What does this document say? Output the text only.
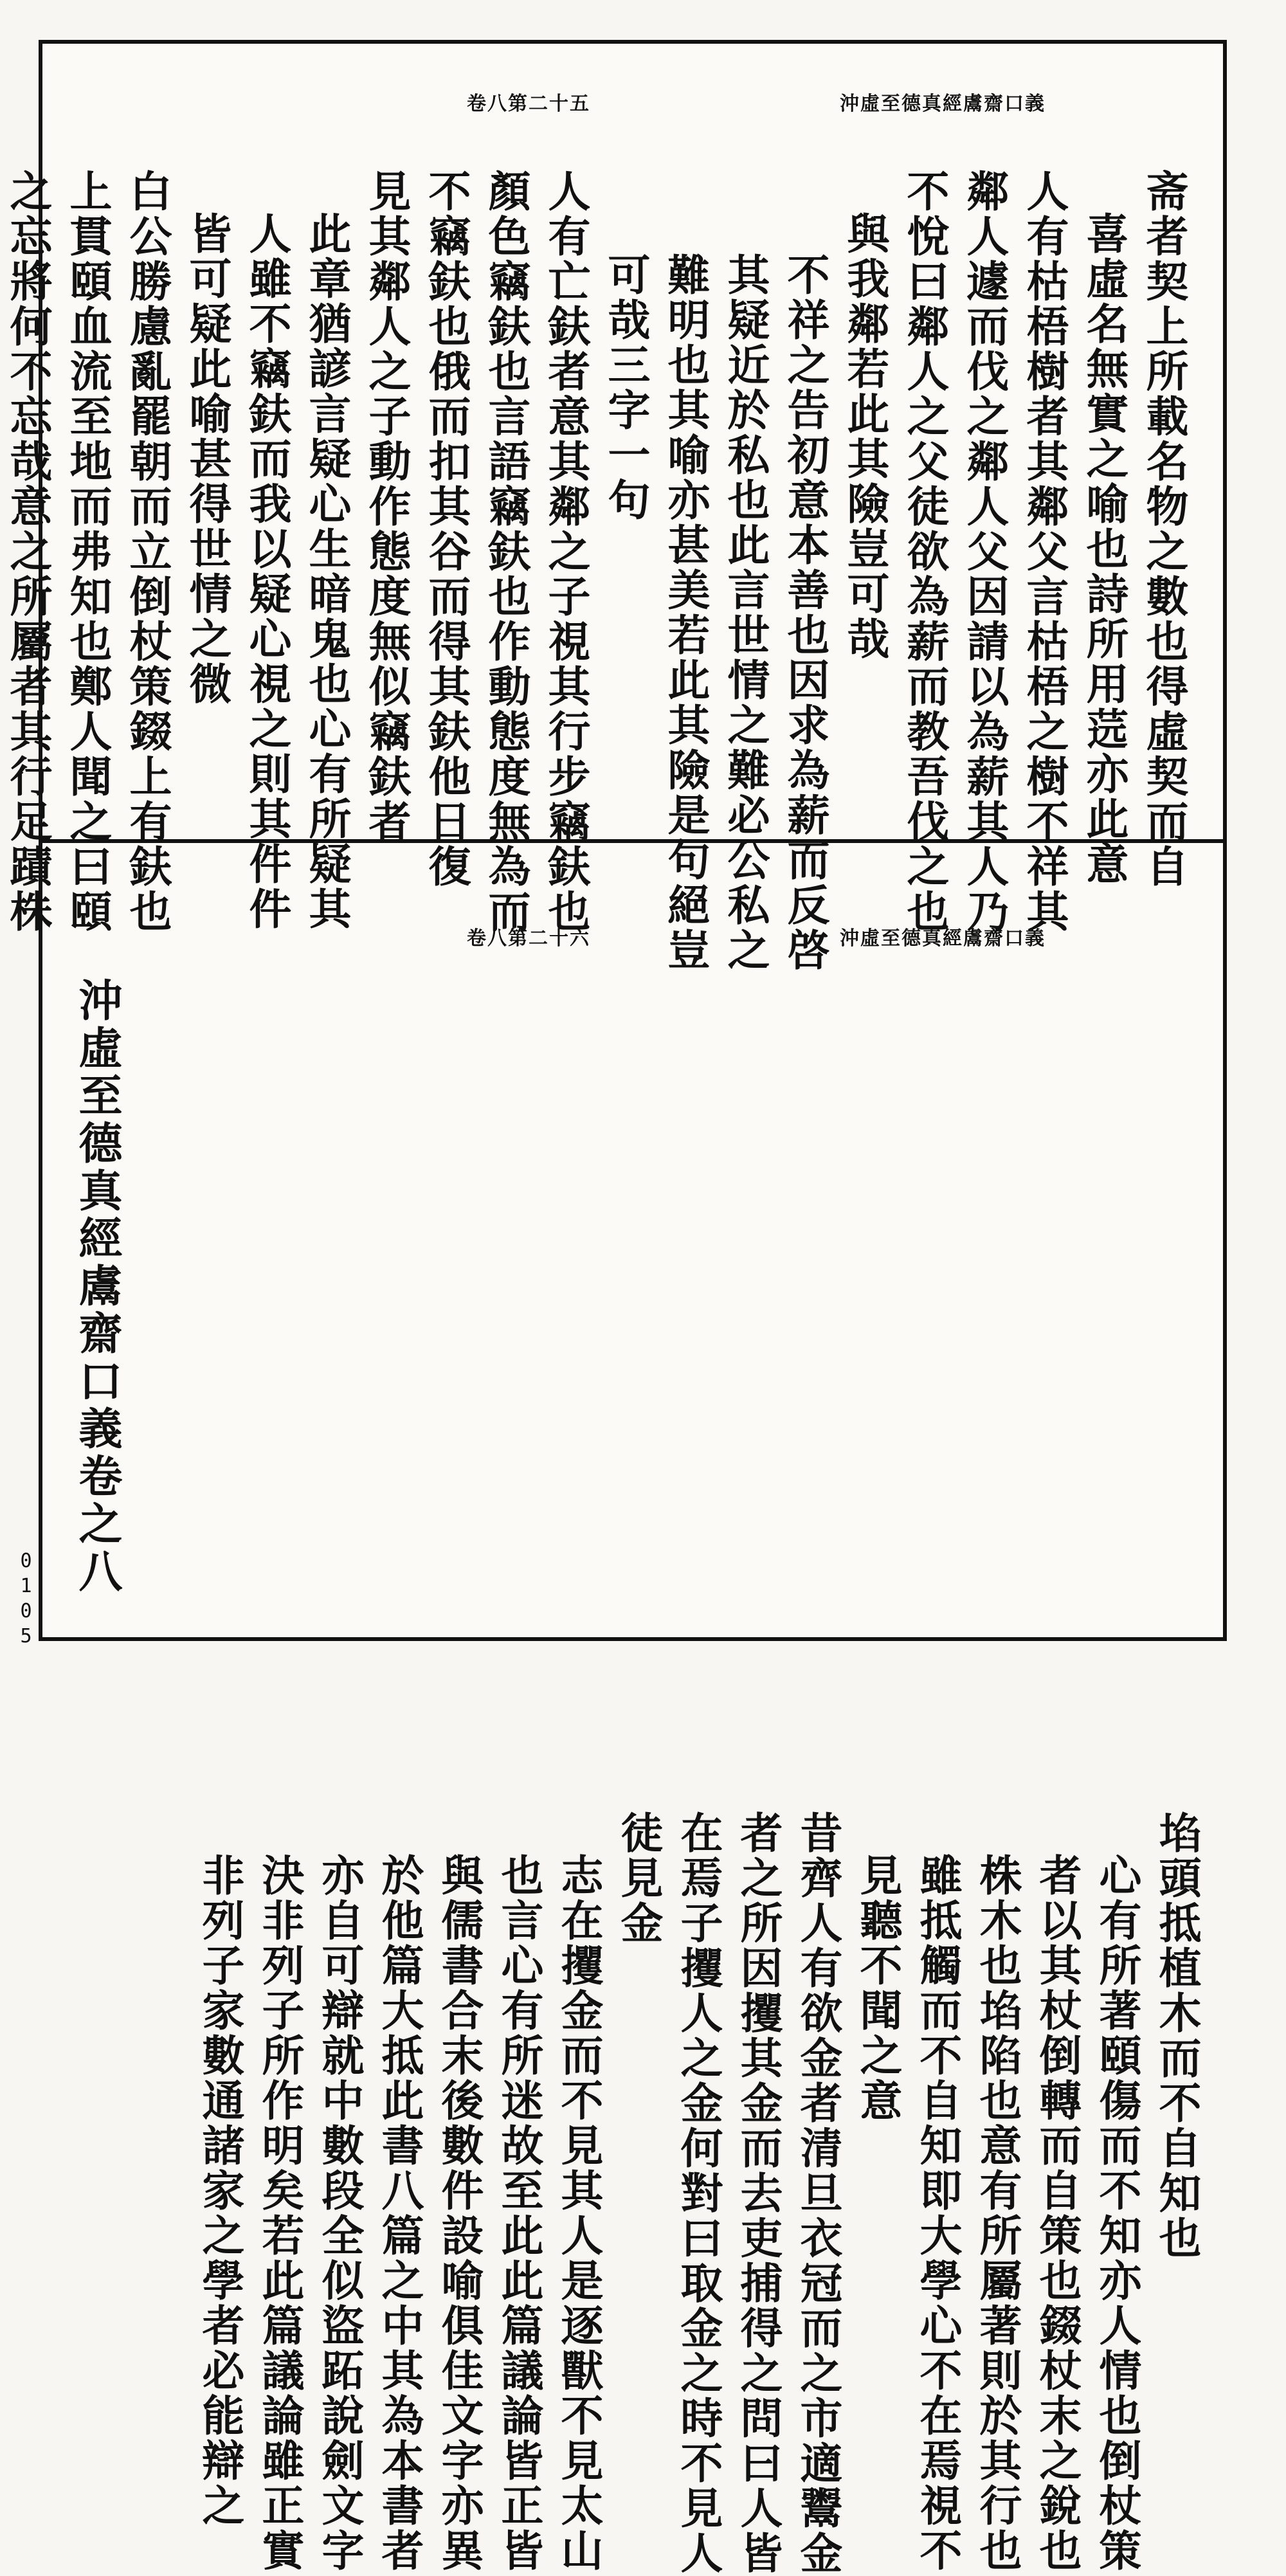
沖虛至德真經鬳齋口義
卷八第二十五
斋者契上所載名物之數也得虛契而自
喜虛名無實之喻也詩所用䓕亦此意
人有枯梧樹者其鄰父言枯梧之樹不祥其
鄰人遽而伐之鄰人父因請以為薪其人乃
不悅曰鄰人之父徒欲為薪而教吾伐之也
與我鄰若此其險豈可哉
不祥之告初意本善也因求為薪而反啓
其疑近於私也此言世情之難必公私之
難明也其喻亦甚美若此其險是句絕豈
可哉三字一句
人有亡鈇者意其鄰之子視其行步竊鈇也
顏色竊鈇也言語竊鈇也作動態度無為而
不竊鈇也俄而扣其谷而得其鈇他日復
見其鄰人之子動作態度無似竊鈇者
此章猶諺言疑心生暗鬼也心有所疑其
人雖不竊鈇而我以疑心視之則其件件
皆可疑此喻甚得世情之微
白公勝慮亂罷朝而立倒杖策錣上有鈇也
上貫頤血流至地而弗知也鄭人聞之曰頤
之忘將何不忘哉意之所屬者其行足蹟株
沖虛至德真經鬳齋口義
卷八第二十六
埳頭抵植木而不自知也
心有所著頤傷而不知亦人情也倒杖策
者以其杖倒轉而自策也錣杖末之銳也
株木也埳陷也意有所屬著則於其行也
雖抵觸而不自知即大學心不在焉視不
見聽不聞之意
昔齊人有欲金者清旦衣冠而之市適鬻金
者之所因攫其金而去吏捕得之問曰人皆
在焉子攫人之金何對曰取金之時不見人
徒見金
志在攫金而不見其人是逐獸不見太山
也言心有所迷故至此此篇議論皆正皆
與儒書合末後數件設喻俱佳文字亦異
於他篇大抵此書八篇之中其為本書者
亦自可辯就中數段全似盜跖說劍文字
決非列子所作明矣若此篇議論雖正實
非列子家數通諸家之學者必能辯之
沖虛至德真經鬳齋口義卷之八
0105
